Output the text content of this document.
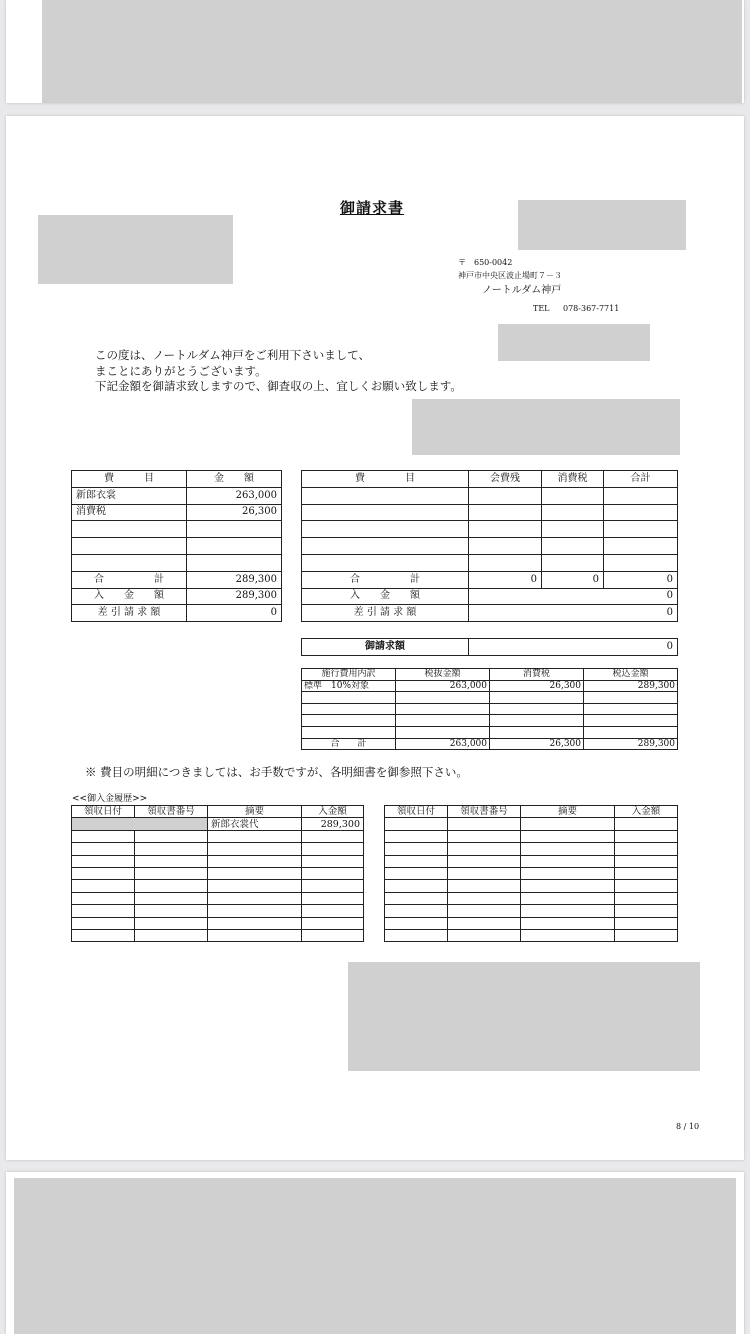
御請求書
〒　650-0042
神戸市中央区波止場町７－３
ノートルダム神戸
TEL 078-367-7711
この度は、ノートルダム神戸をご利用下さいまして、
まことにありがとうございます。
下記金額を御請求致しますので、御査収の上、宜しくお願い致します。
費　　　目	金　　額
新郎衣裳	263,000
消費税	26,300

合　　　　　計	289,300
入　　金　　額	289,300
差 引 請 求 額	0
費　　　　目	会費残	消費税	合計

合　　　　　計	0	0	0
入　　金　　額	0		
差 引 請 求 額	0		
御請求額	0
施行費用内訳	税抜金額	消費税	税込金額
標準　10%対象	263,000	26,300	289,300

合　　計	263,000	26,300	289,300
※ 費目の明細につきましては、お手数ですが、各明細書を御参照下さい。
<<御入金履歴>>
領収日付	領収書番号	摘要	入金額
		新郎衣裳代	289,300

領収日付	領収書番号	摘要	入金額

8 / 10
